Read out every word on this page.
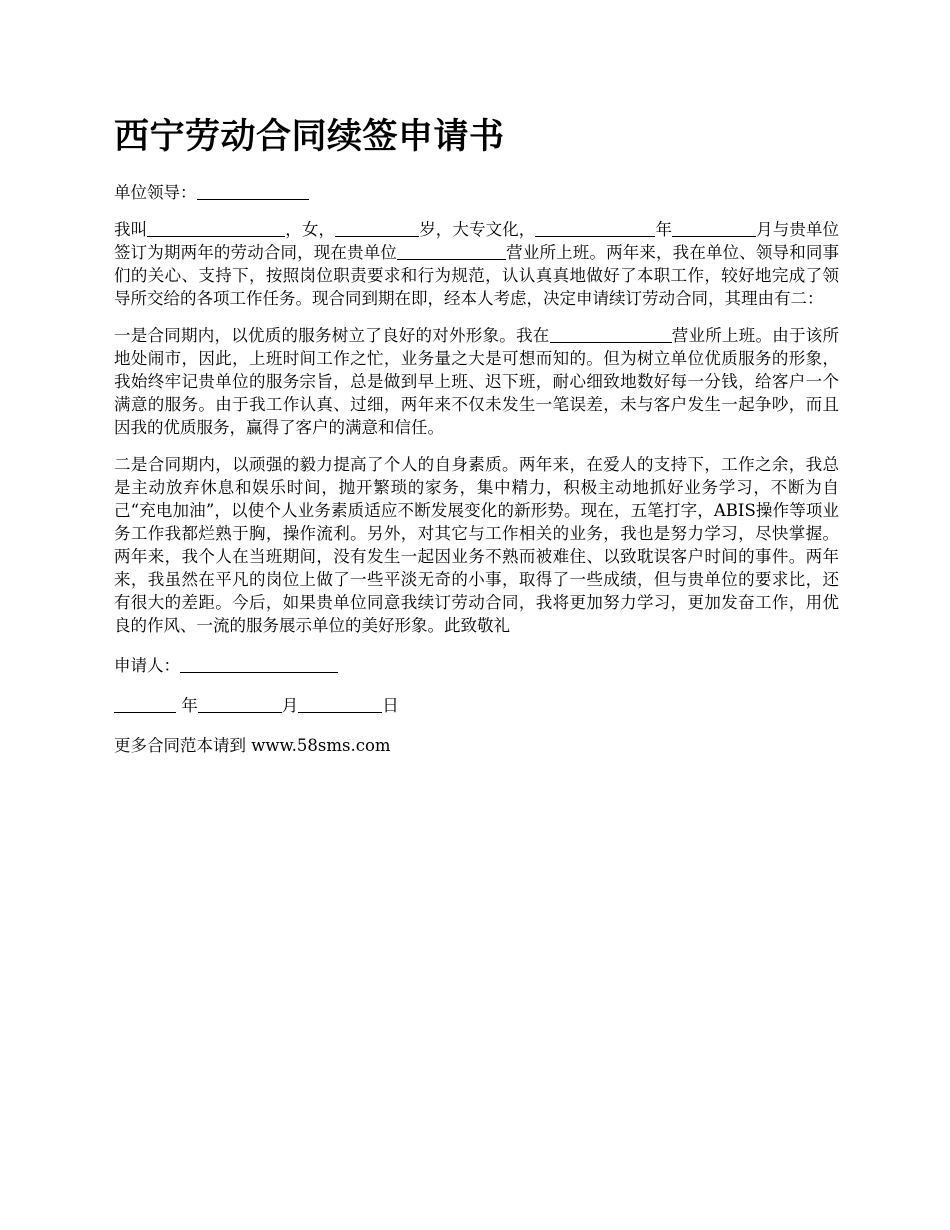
西宁劳动合同续签申请书

单位领导：

我叫	，女，	岁，大专文化，	年	月与贵单位签订为期两年的劳动合同，现在贵单位	营业所上班。两年来，我在单位、领导和同事们的关心、支持下，按照岗位职责要求和行为规范，认认真真地做好了本职工作，较好地完成了领导所交给的各项工作任务。现合同到期在即，经本人考虑，决定申请续订劳动合同，其理由有二：

一是合同期内，以优质的服务树立了良好的对外形象。我在	营业所上班。由于该所地处闹市，因此，上班时间工作之忙，业务量之大是可想而知的。但为树立单位优质服务的形象，我始终牢记贵单位的服务宗旨，总是做到早上班、迟下班，耐心细致地数好每一分钱，给客户一个满意的服务。由于我工作认真、过细，两年来不仅未发生一笔误差，未与客户发生一起争吵，而且因我的优质服务，赢得了客户的满意和信任。

二是合同期内，以顽强的毅力提高了个人的自身素质。两年来，在爱人的支持下，工作之余，我总是主动放弃休息和娱乐时间，抛开繁琐的家务，集中精力，积极主动地抓好业务学习，不断为自己“充电加油”，以使个人业务素质适应不断发展变化的新形势。现在，五笔打字，ABIS操作等项业务工作我都烂熟于胸，操作流利。另外，对其它与工作相关的业务，我也是努力学习，尽快掌握。两年来，我个人在当班期间，没有发生一起因业务不熟而被难住、以致耽误客户时间的事件。两年来，我虽然在平凡的岗位上做了一些平淡无奇的小事，取得了一些成绩，但与贵单位的要求比，还有很大的差距。今后，如果贵单位同意我续订劳动合同，我将更加努力学习，更加发奋工作，用优良的作风、一流的服务展示单位的美好形象。此致敬礼

申请人：

年	月	日

更多合同范本请到 www.58sms.com
